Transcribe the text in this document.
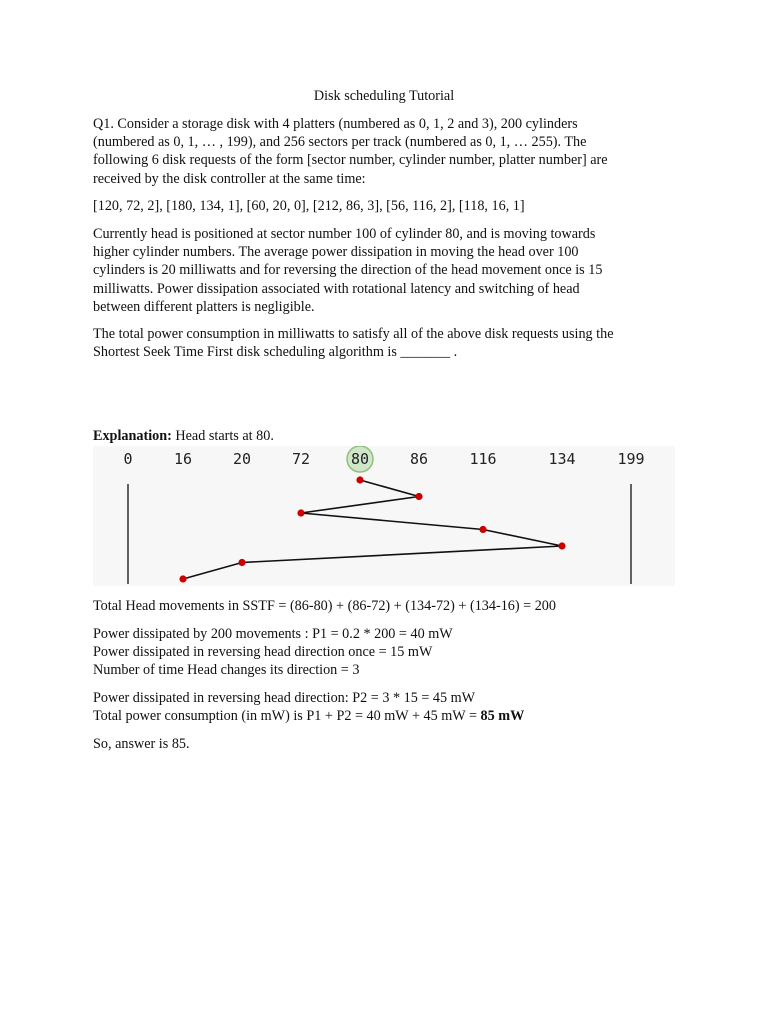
Disk scheduling Tutorial

Q1. Consider a storage disk with 4 platters (numbered as 0, 1, 2 and 3), 200 cylinders
(numbered as 0, 1, … , 199), and 256 sectors per track (numbered as 0, 1, … 255). The
following 6 disk requests of the form [sector number, cylinder number, platter number] are
received by the disk controller at the same time:

[120, 72, 2], [180, 134, 1], [60, 20, 0], [212, 86, 3], [56, 116, 2], [118, 16, 1]

Currently head is positioned at sector number 100 of cylinder 80, and is moving towards
higher cylinder numbers. The average power dissipation in moving the head over 100
cylinders is 20 milliwatts and for reversing the direction of the head movement once is 15
milliwatts. Power dissipation associated with rotational latency and switching of head
between different platters is negligible.

The total power consumption in milliwatts to satisfy all of the above disk requests using the
Shortest Seek Time First disk scheduling algorithm is _______ .

Explanation: Head starts at 80.

0	16	20	72	80	86	116	134	199

Total Head movements in SSTF = (86-80) + (86-72) + (134-72) + (134-16) = 200

Power dissipated by 200 movements : P1 = 0.2 * 200 = 40 mW
Power dissipated in reversing head direction once = 15 mW
Number of time Head changes its direction = 3

Power dissipated in reversing head direction: P2 = 3 * 15 = 45 mW
Total power consumption (in mW) is P1 + P2 = 40 mW + 45 mW = 85 mW

So, answer is 85.
